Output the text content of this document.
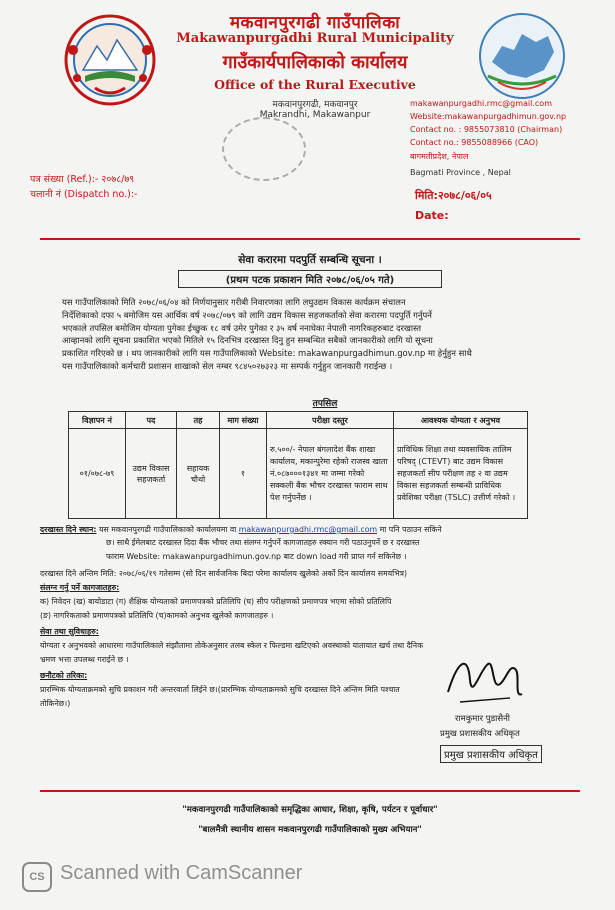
मकवानपुरगढी गाउँपालिका
Makawanpurgadhi Rural Municipality
गाउँकार्यपालिकाको कार्यालय
Office of the Rural Executive
मकवानपुरगढी, मकवानपुर
Makrandhi, Makawanpur
makawanpurgadhi.rmc@gmail.com
Website:makawanpurgadhimun.gov.np
Contact no. : 9855073810 (Chairman)
Contact no.: 9855088966 (CAO)
बागमतीप्रदेश, नेपाल
Bagmati Province , Nepal
पत्र संख्या (Ref.):- २०७८/७९
चलानी नं (Dispatch no.):-	मिति:२०७८/०६/०५
Date:
सेवा करारमा पदपुर्ति सम्बन्धि सूचना ।
(प्रथम पटक प्रकाशन मिति २०७८/०६/०५ गते)
यस गाउँपालिकाको मिति २०७८/०६/०४ को निर्णयानुसार गरीबी निवारणका लागि लघुउद्यम विकास कार्यक्रम संचालन
निर्देशिकाको दफा ५ बमोजिम यस आर्थिक वर्ष २०७८/०७९ को लागि उद्यम विकास सहजकर्ताको सेवा करारमा पदपुर्ति गर्नुपर्ने
भएकाले तपसिल बमोजिम योग्यता पुगेका ईच्छुक १८ वर्ष उमेर पुगेका र ३५ वर्ष ननाघेका नेपाली नागरिकहरुबाट दरखास्त
आव्हानको लागि सूचना प्रकाशित भएको मितिले १५ दिनभित्र दरखास्त दिनु हुन सम्बन्धित सबैको जानकारीको लागि यो सूचना
प्रकाशित गरिएको छ । थप जानकारीको लागि यस गाउँपालिकाको Website: makawanpurgadhimun.gov.np मा हेर्नुहुन साथै
यस गाउँपालिकाको कर्मचारी प्रशासन शाखाको सेल नम्बर ९८४५०२७३२३ मा सम्पर्क गर्नुहुन जानकारी गराईन्छ ।
तपसिल
विज्ञापन नं	पद	तह	माग संख्या	परीक्षा दस्तुर	आवश्यक योग्यता र अनुभव
०१/०७८-७९	उद्यम विकास सहजकर्ता	सहायक चौथो	१	रु.५००/- नेपाल बंगलादेश बैंक शाखा कार्यालय, मकान्पुरेमा रहेको राजस्व खाता नं.०८७०००१३४१ मा जम्मा गरेको सक्कली बैंक भौचर दरखास्त फाराम साथ पेश गर्नुपर्नेछ ।	प्राविधिक शिक्षा तथा व्यवसायिक तालिम परिषद् (CTEVT) बाट उद्यम विकास सहजकर्ता सीप परीक्षण तह २ वा उद्यम विकास सहजकर्ता सम्बन्धी प्राविधिक प्रवेशिका परीक्षा (TSLC) उत्तीर्ण गरेको ।
दरखास्त दिने स्थान: यस मकवानपुरगढी गाउँपालिकाको कार्यालयमा वा makawanpurgadhi.rmc@gmail.com मा पनि पठाउन सकिने
छ। साथै ईमेलबाट दरखास्त दिदा बैंक भौचर तथा संलग्न गर्नुपर्ने कागजातहरु स्क्यान गरी पठाउनुपर्ने छ र दरखास्त
फाराम Website: makawanpurgadhimun.gov.np बाट down load गरी प्राप्त गर्न सकिनेछ ।
दरखास्त दिने अन्तिम मिति: २०७८/०६/१९ गतेसम्म (सो दिन सार्वजनिक बिदा परेमा कार्यालय खुलेको अर्को दिन कार्यालय समयभित्र)
संलग्न गर्नु पर्ने कागजातहरु:
क) निवेदन (ख) बायोडाटा (ग) शैक्षिक योग्यताको प्रमाणपत्रको प्रतिलिपि (घ) सीप परीक्षणको प्रमाणपत्र भएमा सोको प्रतिलिपि
(ङ) नागरिकताको प्रमाणपत्रको प्रतिलिपि (च)कामको अनुभव खुलेको कागजातहरु ।
सेवा तथा सुविधाहरु:
योग्यता र अनुभवको आधारमा गाउँपालिकाले संझौतामा तोकेअनुसार तलब स्केल र फिल्डमा खटिएको अवस्थाको यातायात खर्च तथा दैनिक
भ्रमण भत्ता उपलब्ध गराईने छ ।
छनौटको तरिका:
प्रारम्भिक योग्यताक्रमको सुचि प्रकाशन गरी अन्तरवार्ता लिईने छ।(प्रारम्भिक योग्यताक्रमको सुचि दरखास्त दिने अन्तिम मिति पश्चात
तोकिनेछ।)
रामकुमार पुडासैनी
प्रमुख प्रशासकीय अधिकृत
प्रमुख प्रशासकीय अधिकृत
"मकवानपुरगढी गाउँपालिकाको समृद्धिका आधार, शिक्षा, कृषि, पर्यटन र पूर्वाधार"
"बालमैत्री स्थानीय शासन मकवानपुरगढी गाउँपालिकाको मुख्य अभियान"
CS Scanned with CamScanner
